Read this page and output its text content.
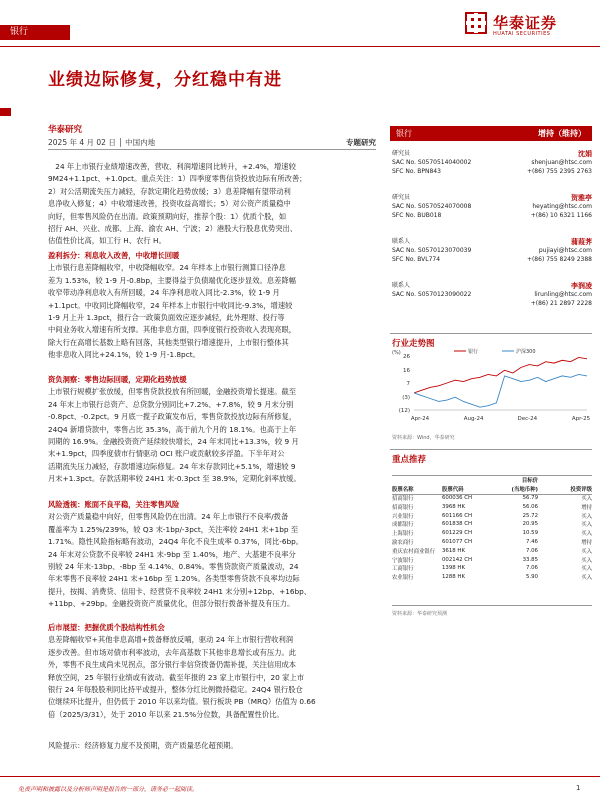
银行	华泰证券
HUATAI SECURITIES
业绩边际修复，分红稳中有进
华泰研究
2025 年 4 月 02 日 │ 中国内地	专题研究
24 年上市银行业绩增速改善，营收、利润增速同比转升，+2.4%，增速较
9M24+1.1pct、+1.0pct。重点关注：1）四季度零售信贷投放边际有所改善；
2）对公活期流失压力减轻，存款定期化趋势放缓；3）息差降幅有望带动利
息净收入修复；4）中收增速改善，投资收益高增长；5）对公资产质量稳中
向好，但零售风险仍在出清。政策预期向好，推荐个股：1）优质个股，如
招行 AH、兴业、成都、上海、渝农 AH、宁波；2）港股大行股息优势突出、
估值性价比高，如工行 H、农行 H。
盈利拆分：利息收入改善，中收增长回暖
上市银行息差降幅收窄，中收降幅收窄。24 年样本上市银行测算口径净息
差为 1.53%，较 1-9 月-0.8bp，主要得益于负债端优化逐步显效。息差降幅
收窄带动净利息收入有所回暖，24 年净利息收入同比-2.3%，较 1-9 月
+1.1pct。中收同比降幅收窄，24 年样本上市银行中收同比-9.3%，增速较
1-9 月上升 1.3pct，报行合一政策负面效应逐步减轻，此外理财、投行等
中间业务收入增速有所支撑。其他非息方面，四季度银行投资收入表现亮眼，
除大行在高增长基数上略有回落，其他类型银行增速提升，上市银行整体其
他非息收入同比+24.1%，较 1-9 月-1.8pct。
资负洞察：零售边际回暖，定期化趋势放缓
上市银行规模扩张放缓，但零售贷款投放有所回暖，金融投资增长提速。截至
24 年末上市银行总资产、总贷款分别同比+7.2%、+7.8%，较 9 月末分别
-0.8pct、-0.2pct。9 月底一揽子政策发布后，零售贷款投放边际有所修复，
24Q4 新增贷款中，零售占比 35.3%，高于前九个月的 18.1%。也高于上年
同期的 16.9%。金融投资资产延续较快增长，24 年末同比+13.3%，较 9 月
末+1.9pct，四季度债市行情驱动 OCI 账户或贡献较多浮盈。下半年对公
活期流失压力减轻，存款增速边际修复。24 年末存款同比+5.1%，增速较 9
月末+1.3pct。存款活期率较 24H1 末-0.3pct 至 38.9%，定期化斜率放缓。
风险透视：账面不良平稳，关注零售风险
对公资产质量稳中向好，但零售风险仍在出清。24 年上市银行不良率/拨备
覆盖率为 1.25%/239%，较 Q3 末-1bp/-3pct，关注率较 24H1 末+1bp 至
1.71%。隐性风险指标略有波动，24Q4 年化不良生成率 0.37%，同比-6bp。
24 年末对公贷款不良率较 24H1 末-9bp 至 1.40%，地产、大基建不良率分
别较 24 年末-13bp、-8bp 至 4.14%、0.84%。零售贷款资产质量波动，24
年末零售不良率较 24H1 末+16bp 至 1.20%。各类型零售贷款不良率均边际
提升，按揭、消费贷、信用卡、经营贷不良率较 24H1 末分别+12bp、+16bp、
+11bp、+29bp。金融投资资产质量优化，但部分银行拨备补提及有压力。
后市展望：把握优质个股结构性机会
息差降幅收窄+其他非息高增+拨备释放反哺，驱动 24 年上市银行营收利润
逐步改善。但市场对债市利率波动，去年高基数下其他非息增长或有压力。此
外，零售不良生成尚未见拐点，部分银行非信贷拨备仍需补提，关注信用成本
释放空间，25 年银行业绩或有波动。截至年报的 23 家上市银行中，20 家上市
银行 24 年每股股利同比持平或提升，整体分红比例微持稳定。24Q4 银行股仓
位继续环比提升，但仍低于 2010 年以来均值。银行板块 PB（MRQ）估值为 0.66
倍（2025/3/31），处于 2010 年以来 21.5%分位数，具备配置性价比。
风险提示：经济修复力度不及预期，资产质量恶化超预期。
银行	增持（维持）
研究员	沈娟
SAC No. S0570514040002	shenjuan@htsc.com
SFC No. BPN843	+(86) 755 2395 2763
研究员	贺雅亭
SAC No. S0570524070008	heyating@htsc.com
SFC No. BUB018	+(86) 10 6321 1166
联系人	蒲葭荠
SAC No. S0570123070039	pujiayi@htsc.com
SFC No. BVL774	+(86) 755 8249 2388
联系人	李润凌
SAC No. S0570123090022	lirunling@htsc.com
+(86) 21 2897 2228
行业走势图
(%)
26
16
7
(3)
(12)
Apr-24	Aug-24	Dec-24	Apr-25
银行	沪深300
资料来源：Wind，华泰研究
重点推荐
		目标价	
股票名称	股票代码	(当地币种)	投资评级
招商银行	600036 CH	56.79	买入
招商银行	3968 HK	56.06	增持
兴业银行	601166 CH	25.72	买入
成都银行	601838 CH	20.95	买入
上海银行	601229 CH	10.59	买入
渝农商行	601077 CH	7.46	增持
重庆农村商业银行	3618 HK	7.06	买入
宁波银行	002142 CH	33.85	买入
工商银行	1398 HK	7.06	买入
农业银行	1288 HK	5.90	买入
资料来源：华泰研究预测
免责声明和披露以及分析师声明是报告的一部分，请务必一起阅读。	1
